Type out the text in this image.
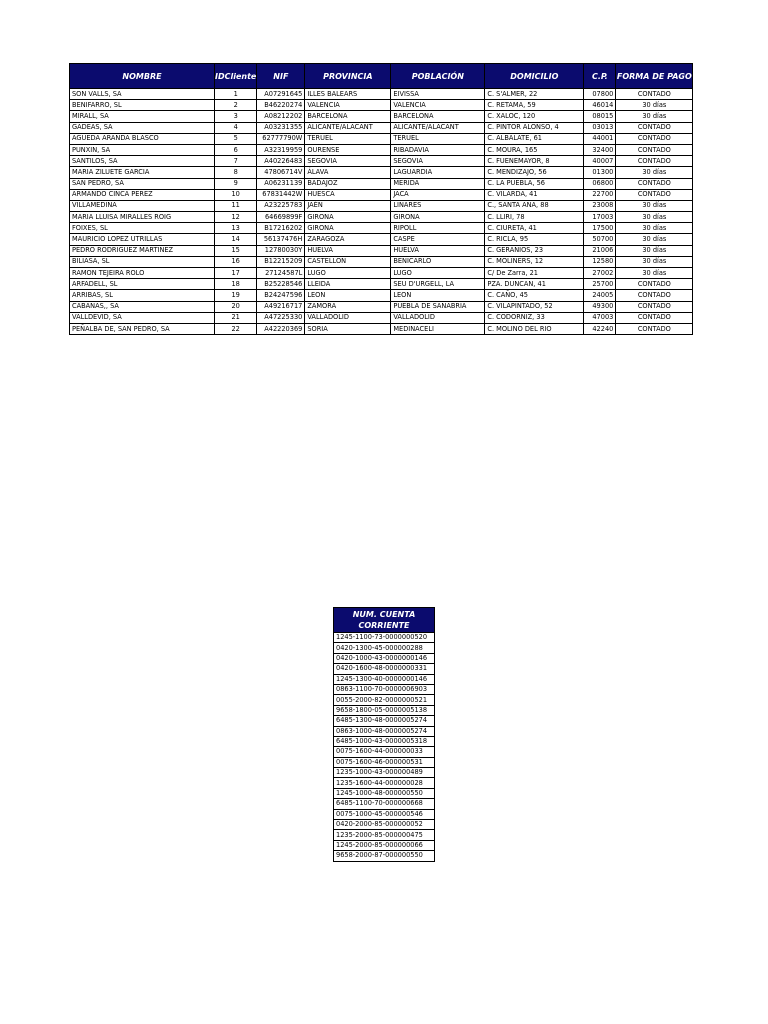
NOMBRE	IDCliente	NIF	PROVINCIA	POBLACIÓN	DOMICILIO	C.P.	FORMA DE PAGO
SON VALLS, SA	1	A07291645	ILLES BALEARS	EIVISSA	C. S'ALMER, 22	07800	CONTADO
BENIFARRO, SL	2	B46220274	VALENCIA	VALENCIA	C. RETAMA, 59	46014	30 días
MIRALL, SA	3	A08212202	BARCELONA	BARCELONA	C. XALOC, 120	08015	30 días
GADEAS, SA	4	A03231355	ALICANTE/ALACANT	ALICANTE/ALACANT	C. PINTOR ALONSO, 4	03013	CONTADO
AGUEDA ARANDA BLASCO	5	62777790W	TERUEL	TERUEL	C. ALBALATE, 61	44001	CONTADO
PUNXIN, SA	6	A32319959	OURENSE	RIBADAVIA	C. MOURA, 165	32400	CONTADO
SANTILOS, SA	7	A40226483	SEGOVIA	SEGOVIA	C. FUENEMAYOR, 8	40007	CONTADO
MARIA ZILUETE GARCIA	8	47806714V	ÁLAVA	LAGUARDIA	C. MENDIZAJO, 56	01300	30 días
SAN PEDRO, SA	9	A06231139	BADAJOZ	MERIDA	C. LA PUEBLA, 56	06800	CONTADO
ARMANDO CINCA PEREZ	10	67831442W	HUESCA	JACA	C. VILARDA, 41	22700	CONTADO
VILLAMEDINA	11	A23225783	JAÉN	LINARES	C., SANTA ANA, 88	23008	30 días
MARIA LLUISA MIRALLES ROIG	12	64669899F	GIRONA	GIRONA	C. LLIRI, 78	17003	30 días
FOIXES, SL	13	B17216202	GIRONA	RIPOLL	C. CIURETA, 41	17500	30 días
MAURICIO LOPEZ UTRILLAS	14	56137476H	ZARAGOZA	CASPE	C. RICLA, 95	50700	30 días
PEDRO RODRIGUEZ MARTINEZ	15	12780030Y	HUELVA	HUELVA	C. GERANIOS, 23	21006	30 días
BILIASA, SL	16	B12215209	CASTELLON	BENICARLO	C. MOLINERS, 12	12580	30 días
RAMON TEJEIRA ROLO	17	27124587L	LUGO	LUGO	C/ De Zarra, 21	27002	30 días
ARFADELL, SL	18	B25228546	LLEIDA	SEU D'URGELL, LA	PZA. DUNCAN, 41	25700	CONTADO
ARRIBAS, SL	19	B24247596	LEON	LEON	C. CAÑO, 45	24005	CONTADO
CABAÑAS,, SA	20	A49216717	ZAMORA	PUEBLA DE SANABRIA	C. VILAPINTADO, 52	49300	CONTADO
VALLDEVID, SA	21	A47225330	VALLADOLID	VALLADOLID	C. CODORNIZ, 33	47003	CONTADO
PEÑALBA DE, SAN PEDRO, SA	22	A42220369	SORIA	MEDINACELI	C. MOLINO DEL RIO	42240	CONTADO
NUM. CUENTA CORRIENTE
1245-1100-73-0000000520
0420-1300-45-000000288
0420-1000-43-0000000146
0420-1600-48-0000000331
1245-1300-40-0000000146
0863-1100-70-0000006903
0055-2000-82-0000000521
9658-1800-05-0000005138
6485-1300-48-0000005274
0863-1000-48-0000005274
6485-1000-43-0000005318
0075-1600-44-000000033
0075-1600-46-000000531
1235-1000-43-000000489
1235-1600-44-000000028
1245-1000-48-000000550
6485-1100-70-000000668
0075-1000-45-000000546
0420-2000-85-000000052
1235-2000-85-000000475
1245-2000-85-000000066
9658-2000-87-000000550
